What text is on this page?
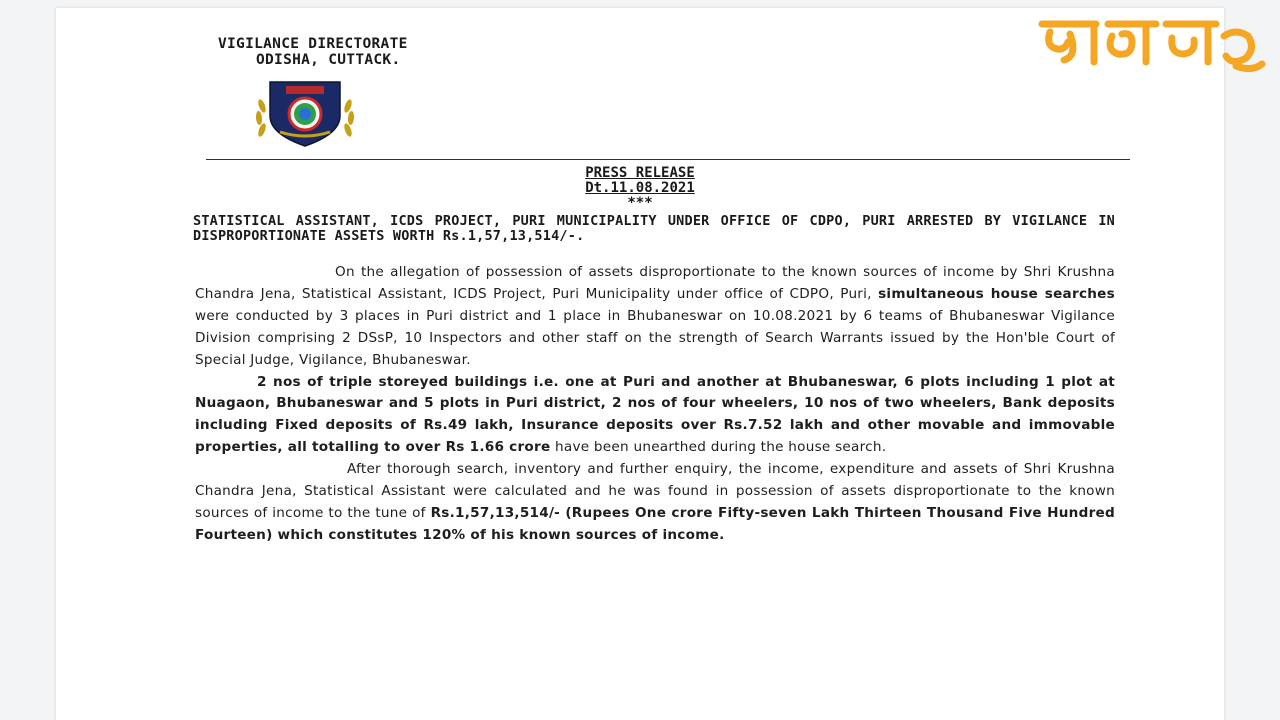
VIGILANCE DIRECTORATE
ODISHA, CUTTACK.
PRESS RELEASE
Dt.11.08.2021
***
STATISTICAL ASSISTANT, ICDS PROJECT, PURI MUNICIPALITY UNDER OFFICE OF CDPO, PURI ARRESTED BY VIGILANCE IN DISPROPORTIONATE ASSETS WORTH Rs.1,57,13,514/-.

On the allegation of possession of assets disproportionate to the known sources of income by Shri Krushna Chandra Jena, Statistical Assistant, ICDS Project, Puri Municipality under office of CDPO, Puri, simultaneous house searches were conducted by 3 places in Puri district and 1 place in Bhubaneswar on 10.08.2021 by 6 teams of Bhubaneswar Vigilance Division comprising 2 DSsP, 10 Inspectors and other staff on the strength of Search Warrants issued by the Hon'ble Court of Special Judge, Vigilance, Bhubaneswar.

2 nos of triple storeyed buildings i.e. one at Puri and another at Bhubaneswar, 6 plots including 1 plot at Nuagaon, Bhubaneswar and 5 plots in Puri district, 2 nos of four wheelers, 10 nos of two wheelers, Bank deposits including Fixed deposits of Rs.49 lakh, Insurance deposits over Rs.7.52 lakh and other movable and immovable properties, all totalling to over Rs 1.66 crore have been unearthed during the house search.

After thorough search, inventory and further enquiry, the income, expenditure and assets of Shri Krushna Chandra Jena, Statistical Assistant were calculated and he was found in possession of assets disproportionate to the known sources of income to the tune of Rs.1,57,13,514/- (Rupees One crore Fifty-seven Lakh Thirteen Thousand Five Hundred Fourteen) which constitutes 120% of his known sources of income.
